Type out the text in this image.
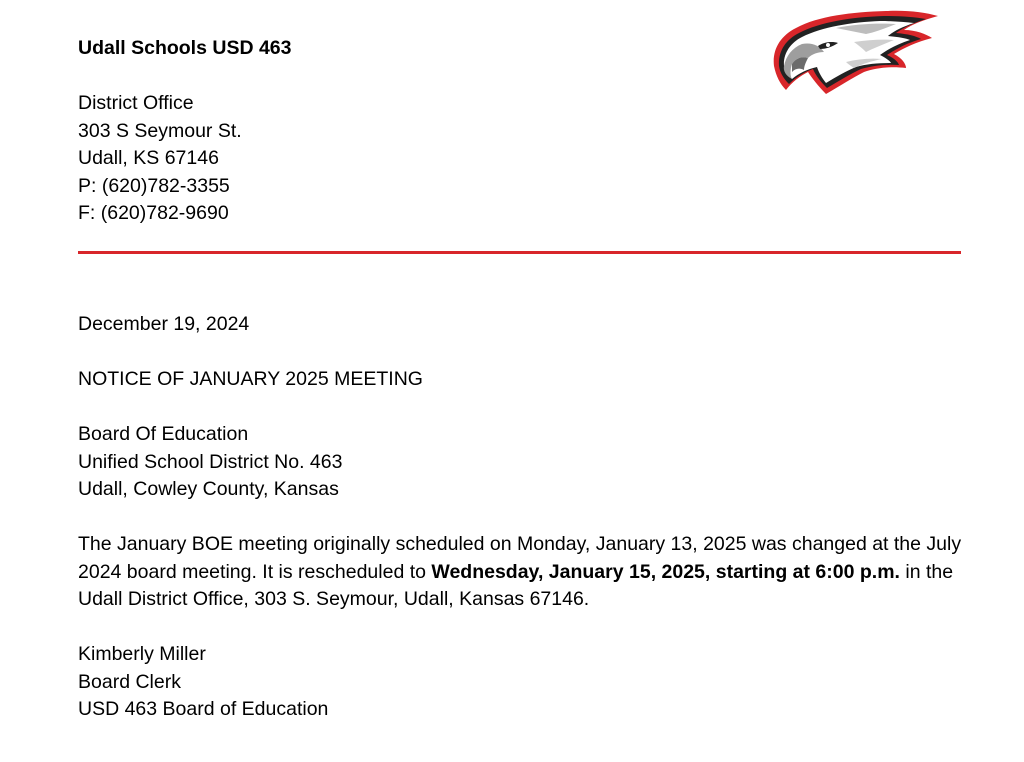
Udall Schools USD 463

District Office

303 S Seymour St.

Udall, KS 67146

P: (620)782-3355

F: (620)782-9690

December 19, 2024

NOTICE OF JANUARY 2025 MEETING

Board Of Education

Unified School District No. 463

Udall, Cowley County, Kansas

The January BOE meeting originally scheduled on Monday, January 13, 2025 was changed at the July 2024 board meeting. It is rescheduled to Wednesday, January 15, 2025, starting at 6:00 p.m. in the Udall District Office, 303 S. Seymour, Udall, Kansas 67146.

Kimberly Miller

Board Clerk

USD 463 Board of Education
